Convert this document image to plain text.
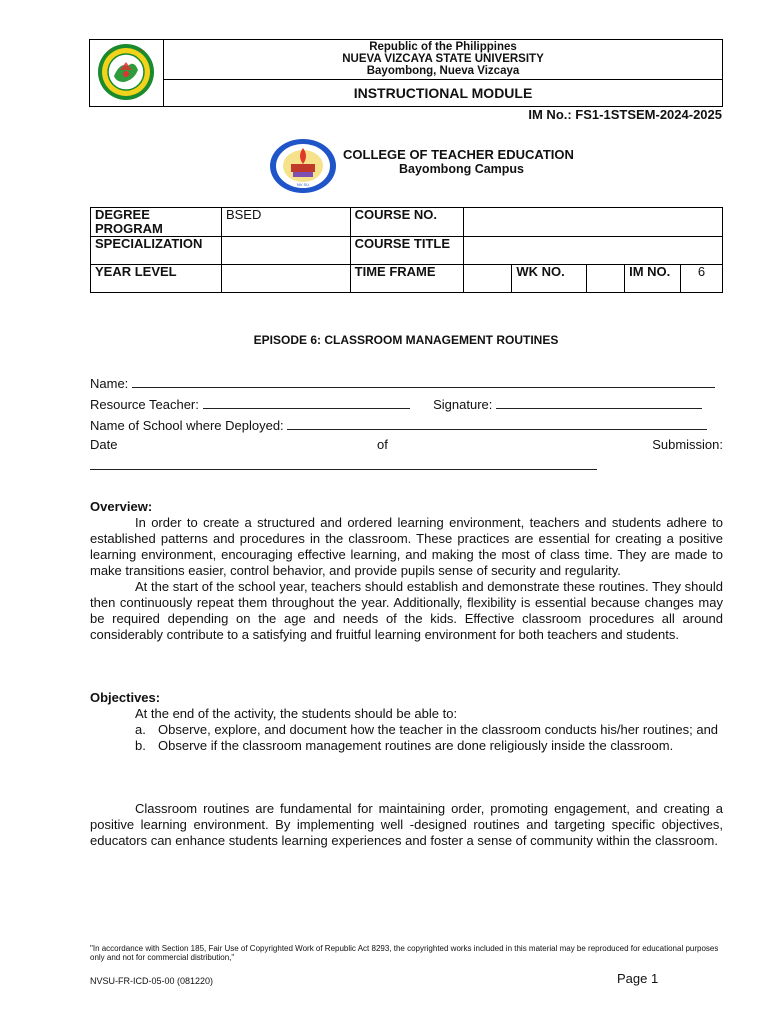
•	•	Republic of the Philippines
NUEVA VIZCAYA STATE UNIVERSITY
Bayombong, Nueva Vizcaya
INSTRUCTIONAL MODULE
IM No.: FS1-1STSEM-2024-2025
NV SU
COLLEGE OF TEACHER EDUCATION
Bayombong Campus
DEGREE PROGRAM	BSED	COURSE NO.					
SPECIALIZATION		COURSE TITLE					
YEAR LEVEL		TIME FRAME		WK NO.		IM NO.	6
EPISODE 6: CLASSROOM MANAGEMENT ROUTINES
Name:
Resource Teacher:	Signature:
Name of School where Deployed:
Date	of	Submission:
Overview:
In order to create a structured and ordered learning environment, teachers and students adhere to established patterns and procedures in the classroom. These practices are essential for creating a positive learning environment, encouraging effective learning, and making the most of class time. They are made to make transitions easier, control behavior, and provide pupils sense of security and regularity.
At the start of the school year, teachers should establish and demonstrate these routines. They should then continuously repeat them throughout the year. Additionally, flexibility is essential because changes may be required depending on the age and needs of the kids. Effective classroom procedures all around considerably contribute to a satisfying and fruitful learning environment for both teachers and students.
Objectives:
At the end of the activity, the students should be able to:
a. Observe, explore, and document how the teacher in the classroom conducts his/her routines; and
b. Observe if the classroom management routines are done religiously inside the classroom.
Classroom routines are fundamental for maintaining order, promoting engagement, and creating a positive learning environment. By implementing well -designed routines and targeting specific objectives, educators can enhance students learning experiences and foster a sense of community within the classroom.
"In accordance with Section 185, Fair Use of Copyrighted Work of Republic Act 8293, the copyrighted works included in this material may be reproduced for educational purposes only and not for commercial distribution,"
NVSU-FR-ICD-05-00 (081220)	Page 1
